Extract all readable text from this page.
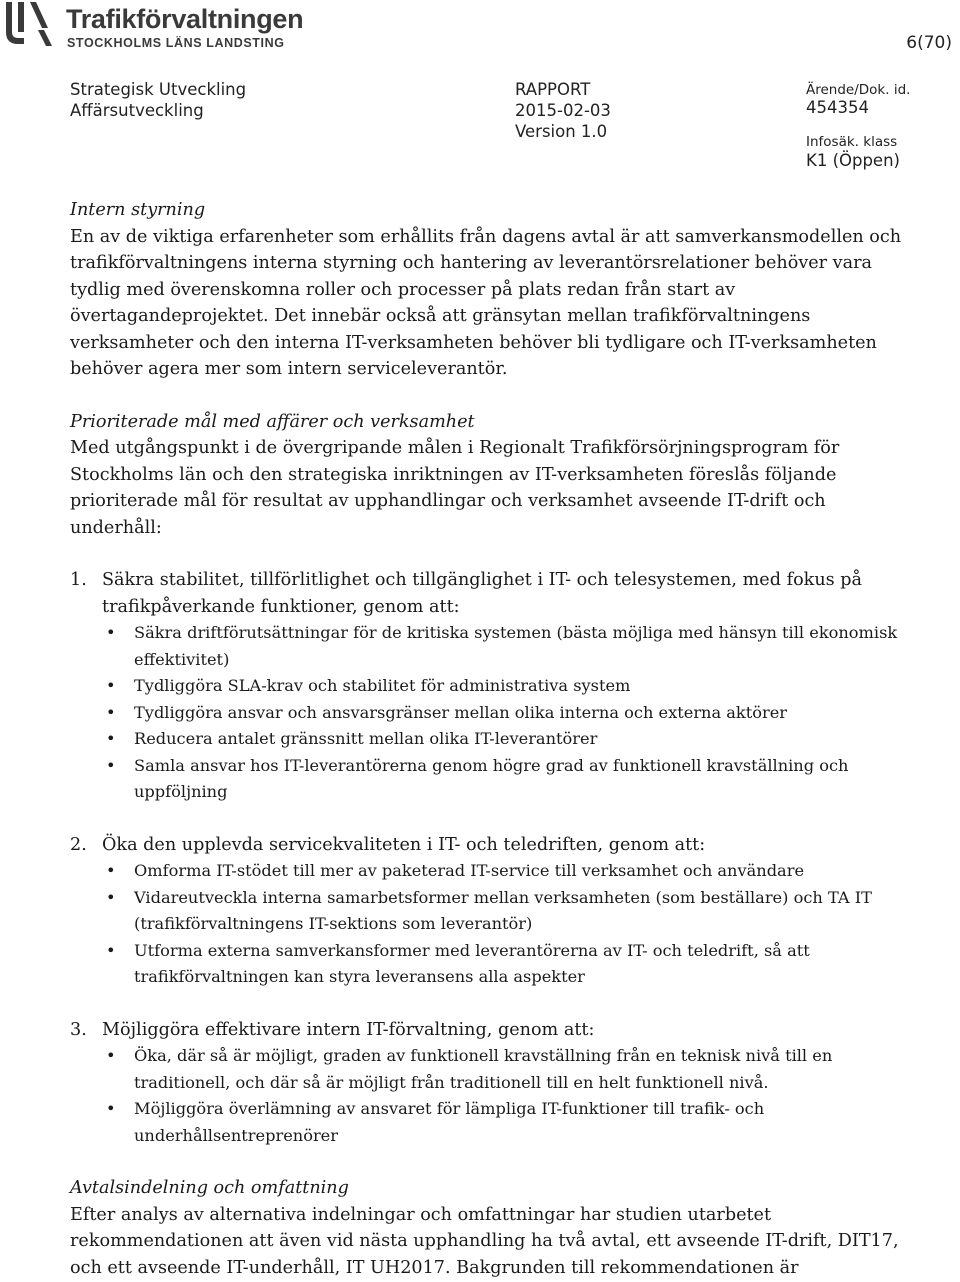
Trafikförvaltningen
STOCKHOLMS LÄNS LANDSTING	6(70)
Strategisk Utveckling
Affärsutveckling
RAPPORT
2015-02-03
Version 1.0
Ärende/Dok. id.
454354
Infosäk. klass
K1 (Öppen)

Intern styrning

En av de viktiga erfarenheter som erhållits från dagens avtal är att samverkansmodellen och trafikförvaltningens interna styrning och hantering av leverantörsrelationer behöver vara tydlig med överenskomna roller och processer på plats redan från start av övertagandeprojektet. Det innebär också att gränsytan mellan trafikförvaltningens verksamheter och den interna IT-verksamheten behöver bli tydligare och IT-verksamheten behöver agera mer som intern serviceleverantör.

Prioriterade mål med affärer och verksamhet

Med utgångspunkt i de övergripande målen i Regionalt Trafikförsörjningsprogram för Stockholms län och den strategiska inriktningen av IT-verksamheten föreslås följande prioriterade mål för resultat av upphandlingar och verksamhet avseende IT-drift och underhåll:

1. Säkra stabilitet, tillförlitlighet och tillgänglighet i IT- och telesystemen, med fokus på trafikpåverkande funktioner, genom att:

• Säkra driftförutsättningar för de kritiska systemen (bästa möjliga med hänsyn till ekonomisk effektivitet)
• Tydliggöra SLA-krav och stabilitet för administrativa system
• Tydliggöra ansvar och ansvarsgränser mellan olika interna och externa aktörer
• Reducera antalet gränssnitt mellan olika IT-leverantörer
• Samla ansvar hos IT-leverantörerna genom högre grad av funktionell kravställning och uppföljning

2. Öka den upplevda servicekvaliteten i IT- och teledriften, genom att:

• Omforma IT-stödet till mer av paketerad IT-service till verksamhet och användare
• Vidareutveckla interna samarbetsformer mellan verksamheten (som beställare) och TA IT (trafikförvaltningens IT-sektions som leverantör)
• Utforma externa samverkansformer med leverantörerna av IT- och teledrift, så att trafikförvaltningen kan styra leveransens alla aspekter

3. Möjliggöra effektivare intern IT-förvaltning, genom att:

• Öka, där så är möjligt, graden av funktionell kravställning från en teknisk nivå till en traditionell, och där så är möjligt från traditionell till en helt funktionell nivå.
• Möjliggöra överlämning av ansvaret för lämpliga IT-funktioner till trafik- och underhållsentreprenörer

Avtalsindelning och omfattning

Efter analys av alternativa indelningar och omfattningar har studien utarbetet rekommendationen att även vid nästa upphandling ha två avtal, ett avseende IT-drift, DIT17, och ett avseende IT-underhåll, IT UH2017. Bakgrunden till rekommendationen är
